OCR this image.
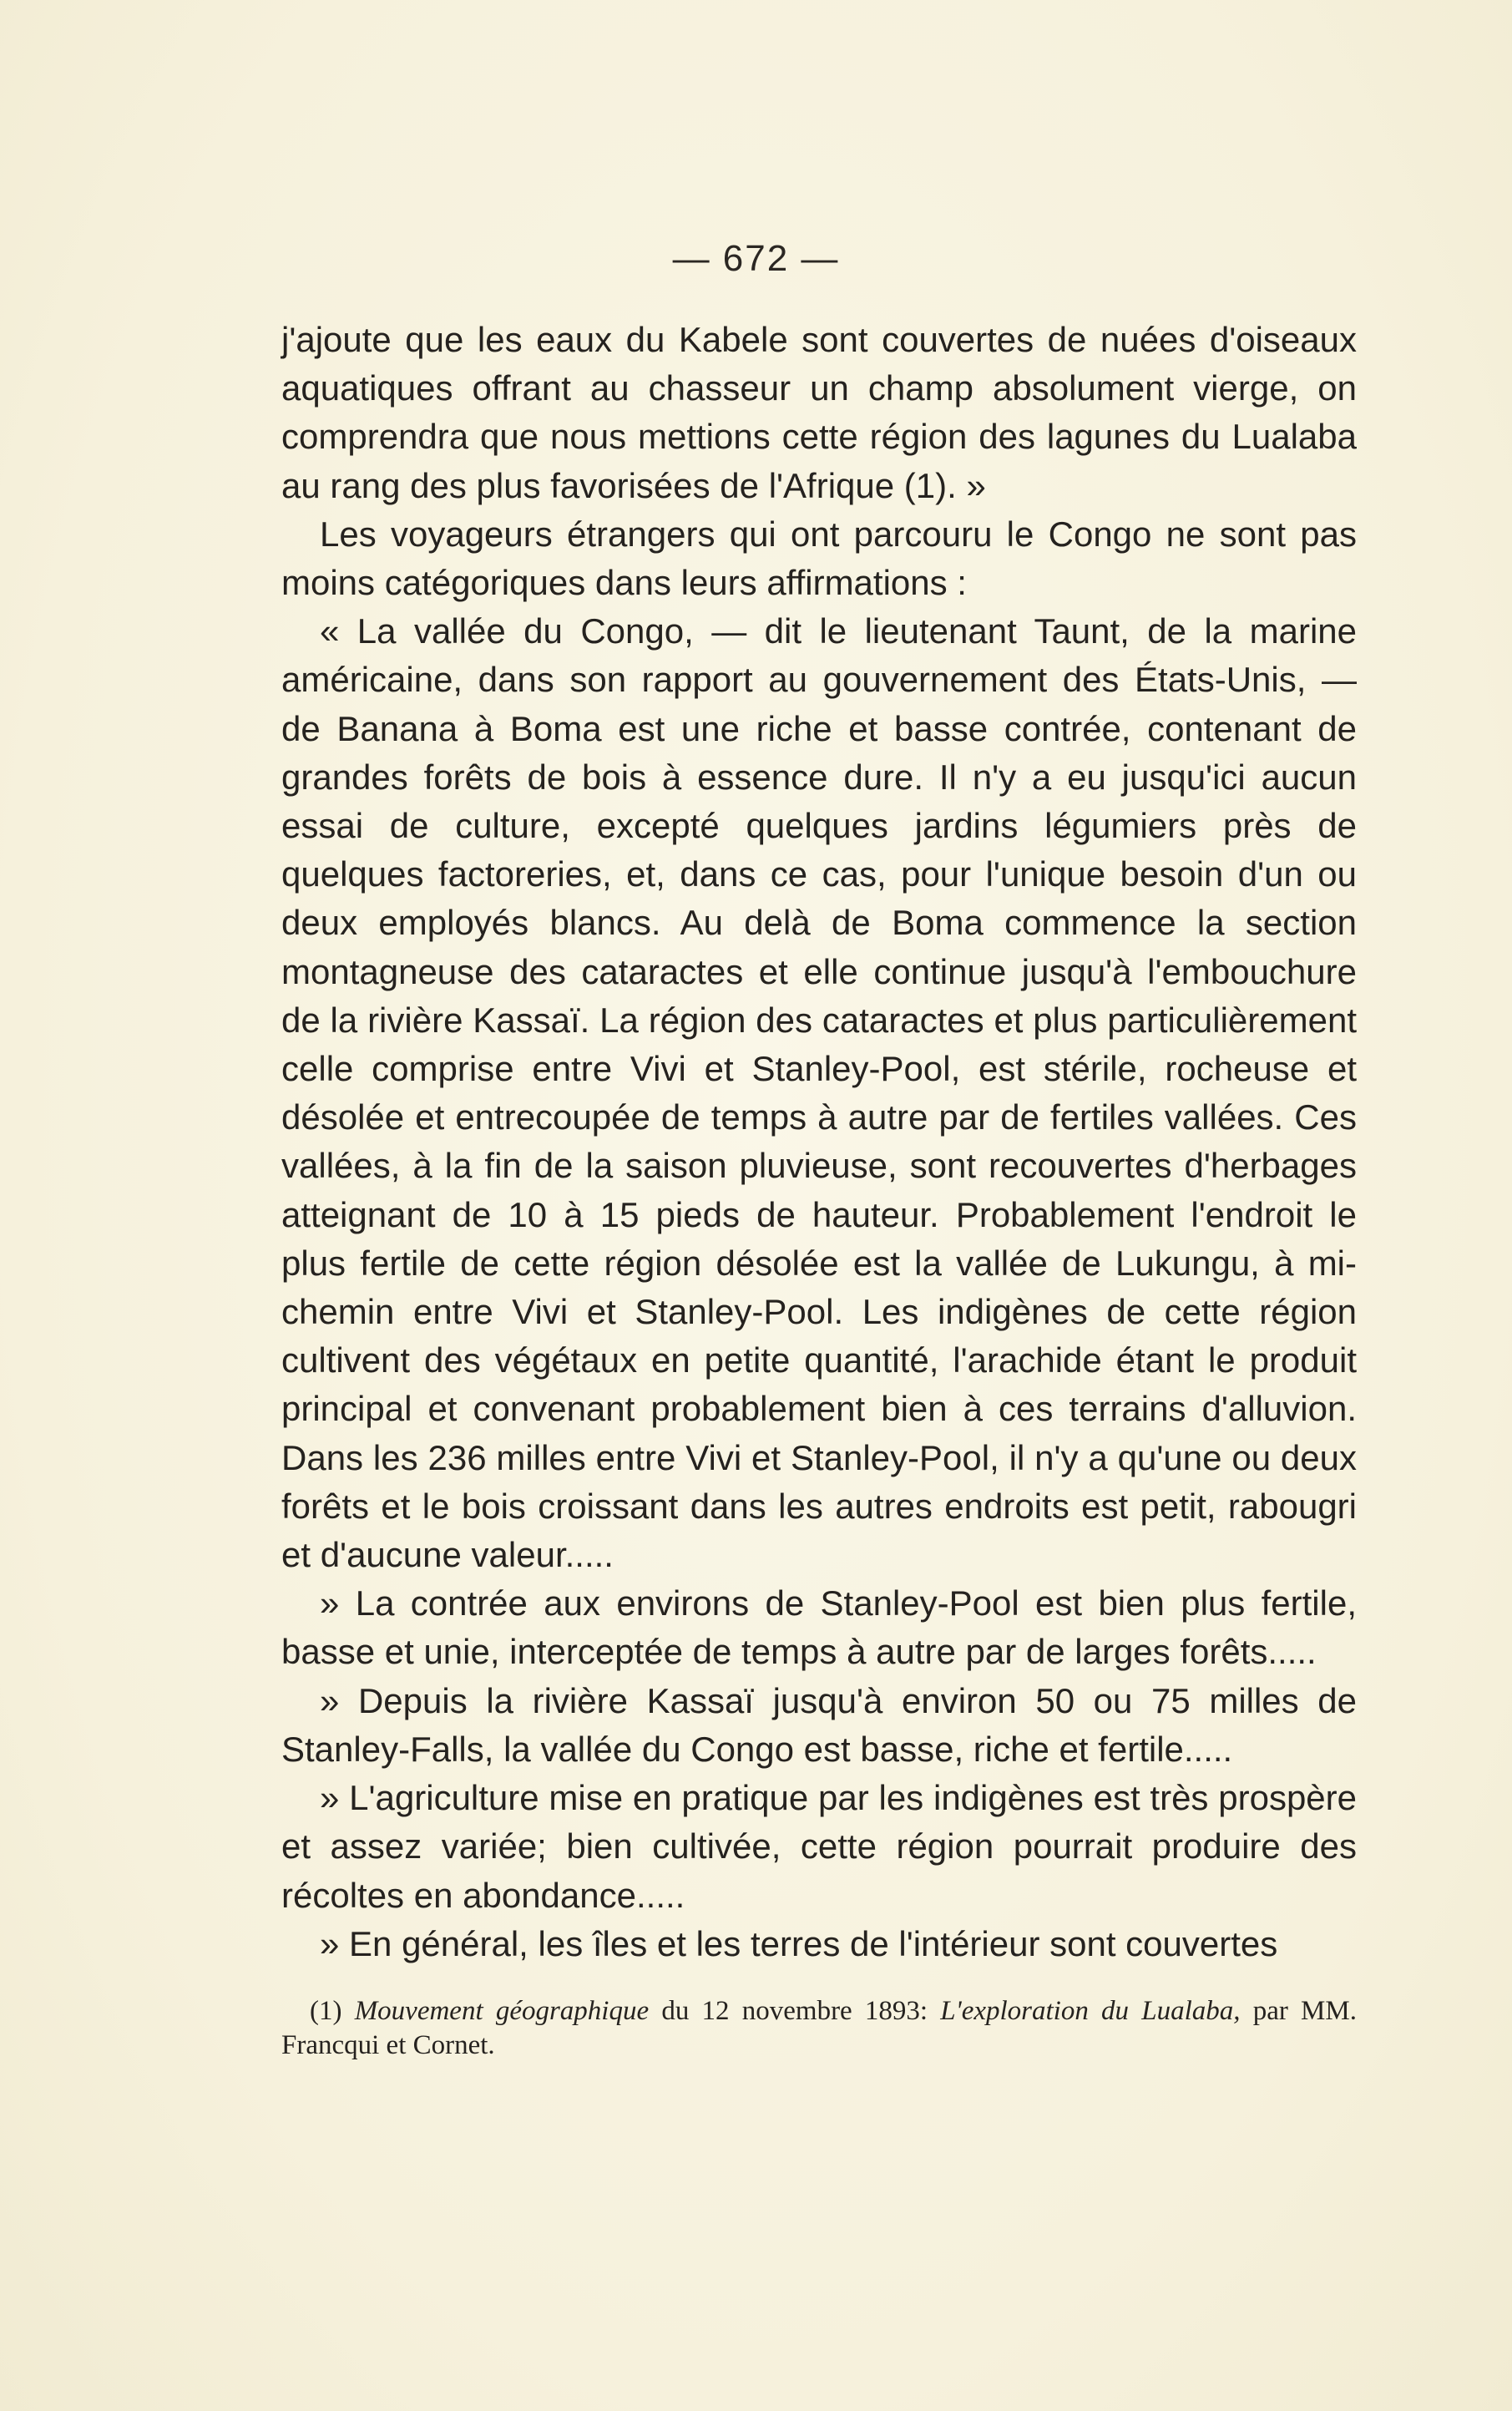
— 672 —

j'ajoute que les eaux du Kabele sont couvertes de nuées d'oiseaux aquatiques offrant au chasseur un champ absolument vierge, on comprendra que nous mettions cette région des lagunes du Lualaba au rang des plus favorisées de l'Afrique (1). »

Les voyageurs étrangers qui ont parcouru le Congo ne sont pas moins catégoriques dans leurs affirmations :

« La vallée du Congo, — dit le lieutenant Taunt, de la marine américaine, dans son rapport au gouvernement des États-Unis, — de Banana à Boma est une riche et basse contrée, contenant de grandes forêts de bois à essence dure. Il n'y a eu jusqu'ici aucun essai de culture, excepté quelques jardins légumiers près de quelques factoreries, et, dans ce cas, pour l'unique besoin d'un ou deux employés blancs. Au delà de Boma commence la section montagneuse des cataractes et elle continue jusqu'à l'embouchure de la rivière Kassaï. La région des cataractes et plus particulièrement celle comprise entre Vivi et Stanley-Pool, est stérile, rocheuse et désolée et entrecoupée de temps à autre par de fertiles vallées. Ces vallées, à la fin de la saison pluvieuse, sont recouvertes d'herbages atteignant de 10 à 15 pieds de hauteur. Probablement l'endroit le plus fertile de cette région désolée est la vallée de Lukungu, à mi-chemin entre Vivi et Stanley-Pool. Les indigènes de cette région cultivent des végétaux en petite quantité, l'arachide étant le produit principal et convenant probablement bien à ces terrains d'alluvion. Dans les 236 milles entre Vivi et Stanley-Pool, il n'y a qu'une ou deux forêts et le bois croissant dans les autres endroits est petit, rabougri et d'aucune valeur.....

» La contrée aux environs de Stanley-Pool est bien plus fertile, basse et unie, interceptée de temps à autre par de larges forêts.....

» Depuis la rivière Kassaï jusqu'à environ 50 ou 75 milles de Stanley-Falls, la vallée du Congo est basse, riche et fertile.....

» L'agriculture mise en pratique par les indigènes est très prospère et assez variée; bien cultivée, cette région pourrait produire des récoltes en abondance.....

» En général, les îles et les terres de l'intérieur sont couvertes

(1) Mouvement géographique du 12 novembre 1893: L'exploration du Lualaba, par MM. Francqui et Cornet.
